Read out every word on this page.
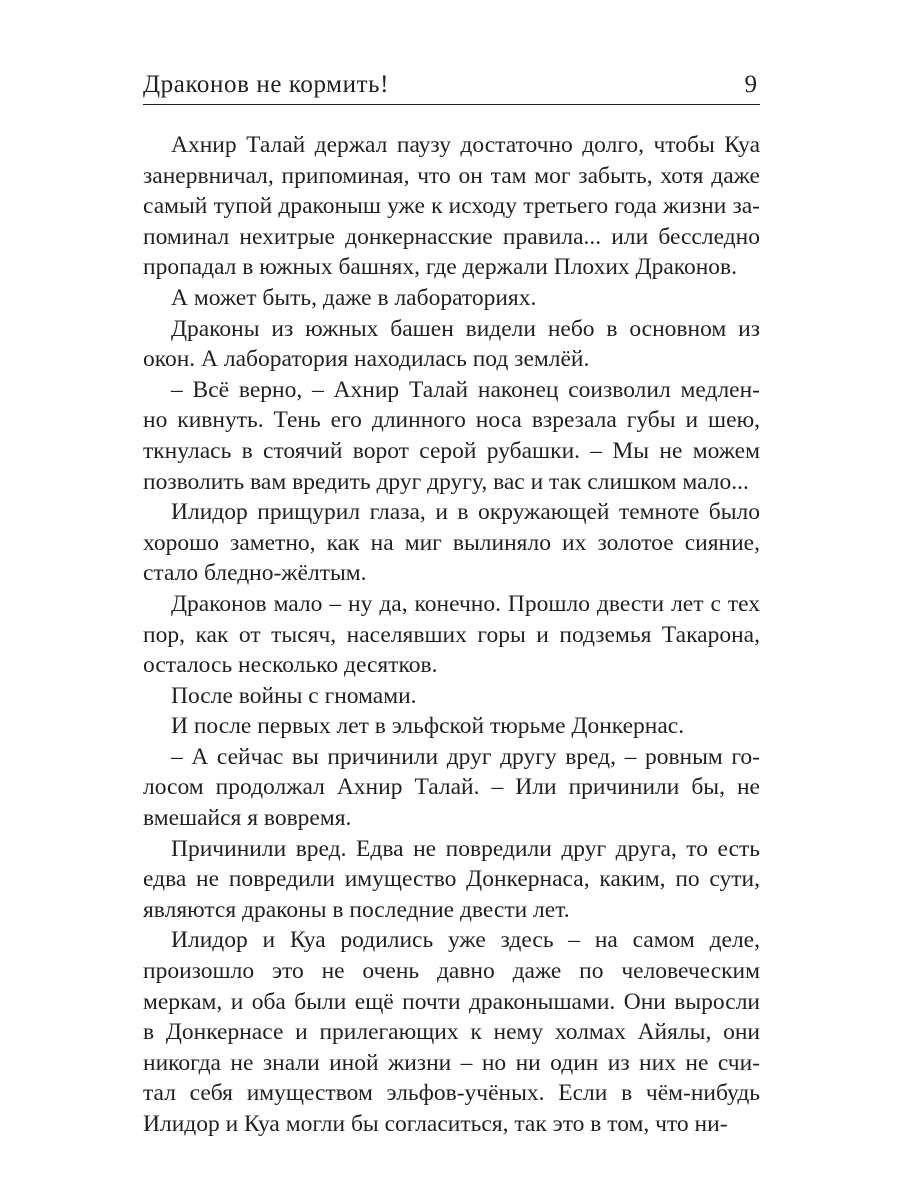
Драконов не кормить!	9
Ахнир Талай держал паузу достаточно долго, чтобы Куа
занервничал, припоминая, что он там мог забыть, хотя даже
самый тупой драконыш уже к исходу третьего года жизни за-
поминал нехитрые донкернасские правила... или бесследно
пропадал в южных башнях, где держали Плохих Драконов.
А может быть, даже в лабораториях.
Драконы из южных башен видели небо в основном из
окон. А лаборатория находилась под землёй.
– Всё верно, – Ахнир Талай наконец соизволил медлен-
но кивнуть. Тень его длинного носа взрезала губы и шею,
ткнулась в стоячий ворот серой рубашки. – Мы не можем
позволить вам вредить друг другу, вас и так слишком мало...
Илидор прищурил глаза, и в окружающей темноте было
хорошо заметно, как на миг вылиняло их золотое сияние,
стало бледно-жёлтым.
Драконов мало – ну да, конечно. Прошло двести лет с тех
пор, как от тысяч, населявших горы и подземья Такарона,
осталось несколько десятков.
После войны с гномами.
И после первых лет в эльфской тюрьме Донкернас.
– А сейчас вы причинили друг другу вред, – ровным го-
лосом продолжал Ахнир Талай. – Или причинили бы, не
вмешайся я вовремя.
Причинили вред. Едва не повредили друг друга, то есть
едва не повредили имущество Донкернаса, каким, по сути,
являются драконы в последние двести лет.
Илидор и Куа родились уже здесь – на самом деле,
произошло это не очень давно даже по человеческим
меркам, и оба были ещё почти драконышами. Они выросли
в Донкернасе и прилегающих к нему холмах Айялы, они
никогда не знали иной жизни – но ни один из них не счи-
тал себя имуществом эльфов-учёных. Если в чём-нибудь
Илидор и Куа могли бы согласиться, так это в том, что ни-
